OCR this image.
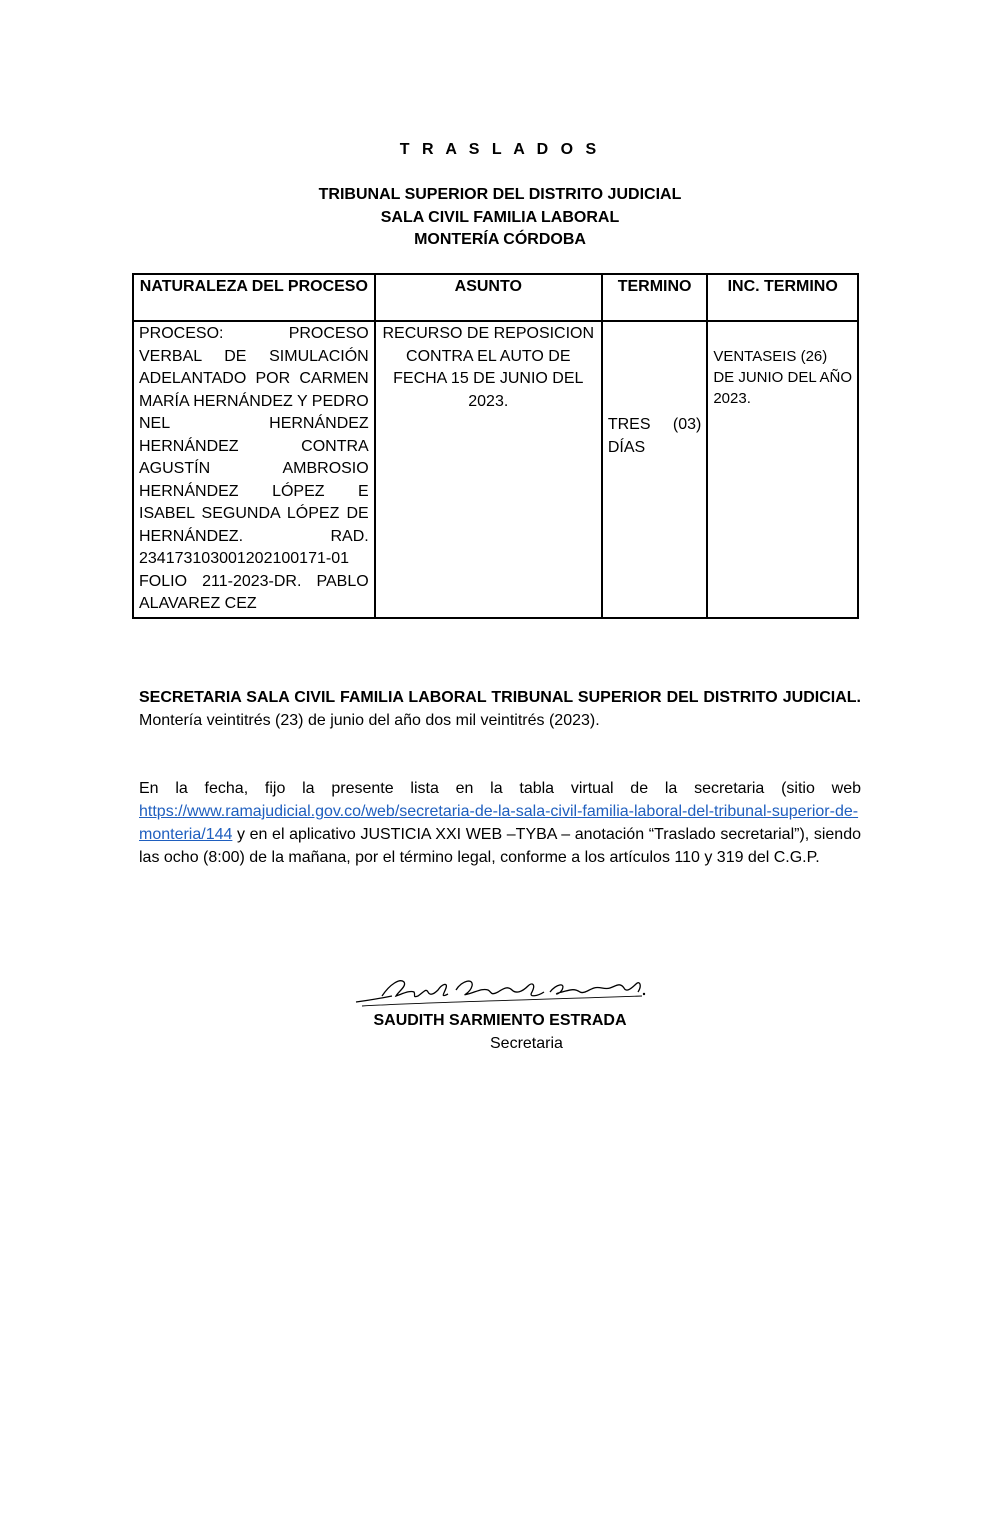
T R A S L A D O S
TRIBUNAL SUPERIOR DEL DISTRITO JUDICIAL
SALA CIVIL FAMILIA LABORAL
MONTERÍA CÓRDOBA
NATURALEZA DEL PROCESO	ASUNTO	TERMINO	INC. TERMINO
PROCESO: PROCESO VERBAL DE SIMULACIÓN ADELANTADO POR CARMEN MARÍA HERNÁNDEZ Y PEDRO NEL HERNÁNDEZ HERNÁNDEZ CONTRA AGUSTÍN AMBROSIO HERNÁNDEZ LÓPEZ E ISABEL SEGUNDA LÓPEZ DE HERNÁNDEZ. RAD. 23417310300120210017​1-01 FOLIO 211-2023-DR. PABLO ALAVAREZ CEZ	RECURSO DE REPOSICION CONTRA EL AUTO DE FECHA 15 DE JUNIO DEL 2023.	TRES (03) DÍAS	VENTASEIS (26) DE JUNIO DEL AÑO 2023.
SECRETARIA SALA CIVIL FAMILIA LABORAL TRIBUNAL SUPERIOR DEL DISTRITO JUDICIAL. Montería veintitrés (23) de junio del año dos mil veintitrés (2023).
En la fecha, fijo la presente lista en la tabla virtual de la secretaria (sitio web https://www.ramajudicial.gov.co/web/secretaria-de-la-sala-civil-familia-laboral-del-tribunal-superior-de-monteria/144 y en el aplicativo JUSTICIA XXI WEB –TYBA – anotación “Traslado secretarial”), siendo las ocho (8:00) de la mañana, por el término legal, conforme a los artículos 110 y 319 del C.G.P.
SAUDITH SARMIENTO ESTRADA
Secretaria
